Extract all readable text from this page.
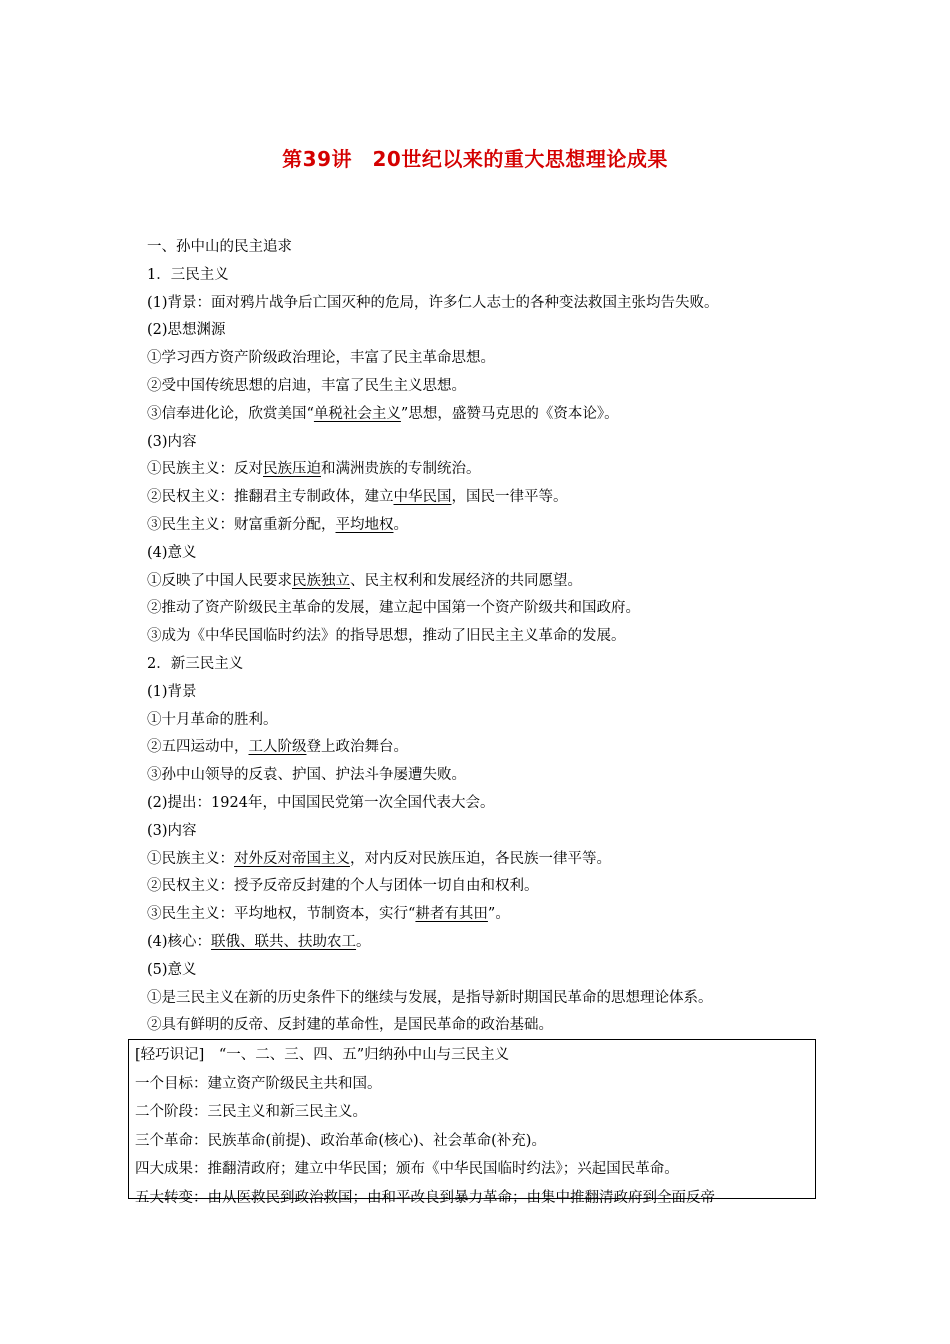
第39讲　20世纪以来的重大思想理论成果
一、孙中山的民主追求
1．三民主义
(1)背景：面对鸦片战争后亡国灭种的危局，许多仁人志士的各种变法救国主张均告失败。
(2)思想渊源
①学习西方资产阶级政治理论，丰富了民主革命思想。
②受中国传统思想的启迪，丰富了民生主义思想。
③信奉进化论，欣赏美国“单税社会主义”思想，盛赞马克思的《资本论》。
(3)内容
①民族主义：反对民族压迫和满洲贵族的专制统治。
②民权主义：推翻君主专制政体，建立中华民国，国民一律平等。
③民生主义：财富重新分配，平均地权。
(4)意义
①反映了中国人民要求民族独立、民主权利和发展经济的共同愿望。
②推动了资产阶级民主革命的发展，建立起中国第一个资产阶级共和国政府。
③成为《中华民国临时约法》的指导思想，推动了旧民主主义革命的发展。
2．新三民主义
(1)背景
①十月革命的胜利。
②五四运动中，工人阶级登上政治舞台。
③孙中山领导的反袁、护国、护法斗争屡遭失败。
(2)提出：1924年，中国国民党第一次全国代表大会。
(3)内容
①民族主义：对外反对帝国主义，对内反对民族压迫，各民族一律平等。
②民权主义：授予反帝反封建的个人与团体一切自由和权利。
③民生主义：平均地权，节制资本，实行“耕者有其田”。
(4)核心：联俄、联共、扶助农工。
(5)意义
①是三民主义在新的历史条件下的继续与发展，是指导新时期国民革命的思想理论体系。
②具有鲜明的反帝、反封建的革命性，是国民革命的政治基础。
[轻巧识记]　“一、二、三、四、五”归纳孙中山与三民主义
一个目标：建立资产阶级民主共和国。
二个阶段：三民主义和新三民主义。
三个革命：民族革命(前提)、政治革命(核心)、社会革命(补充)。
四大成果：推翻清政府；建立中华民国；颁布《中华民国临时约法》；兴起国民革命。
五大转变：由从医救民到政治救国；由和平改良到暴力革命；由集中推翻清政府到全面反帝
